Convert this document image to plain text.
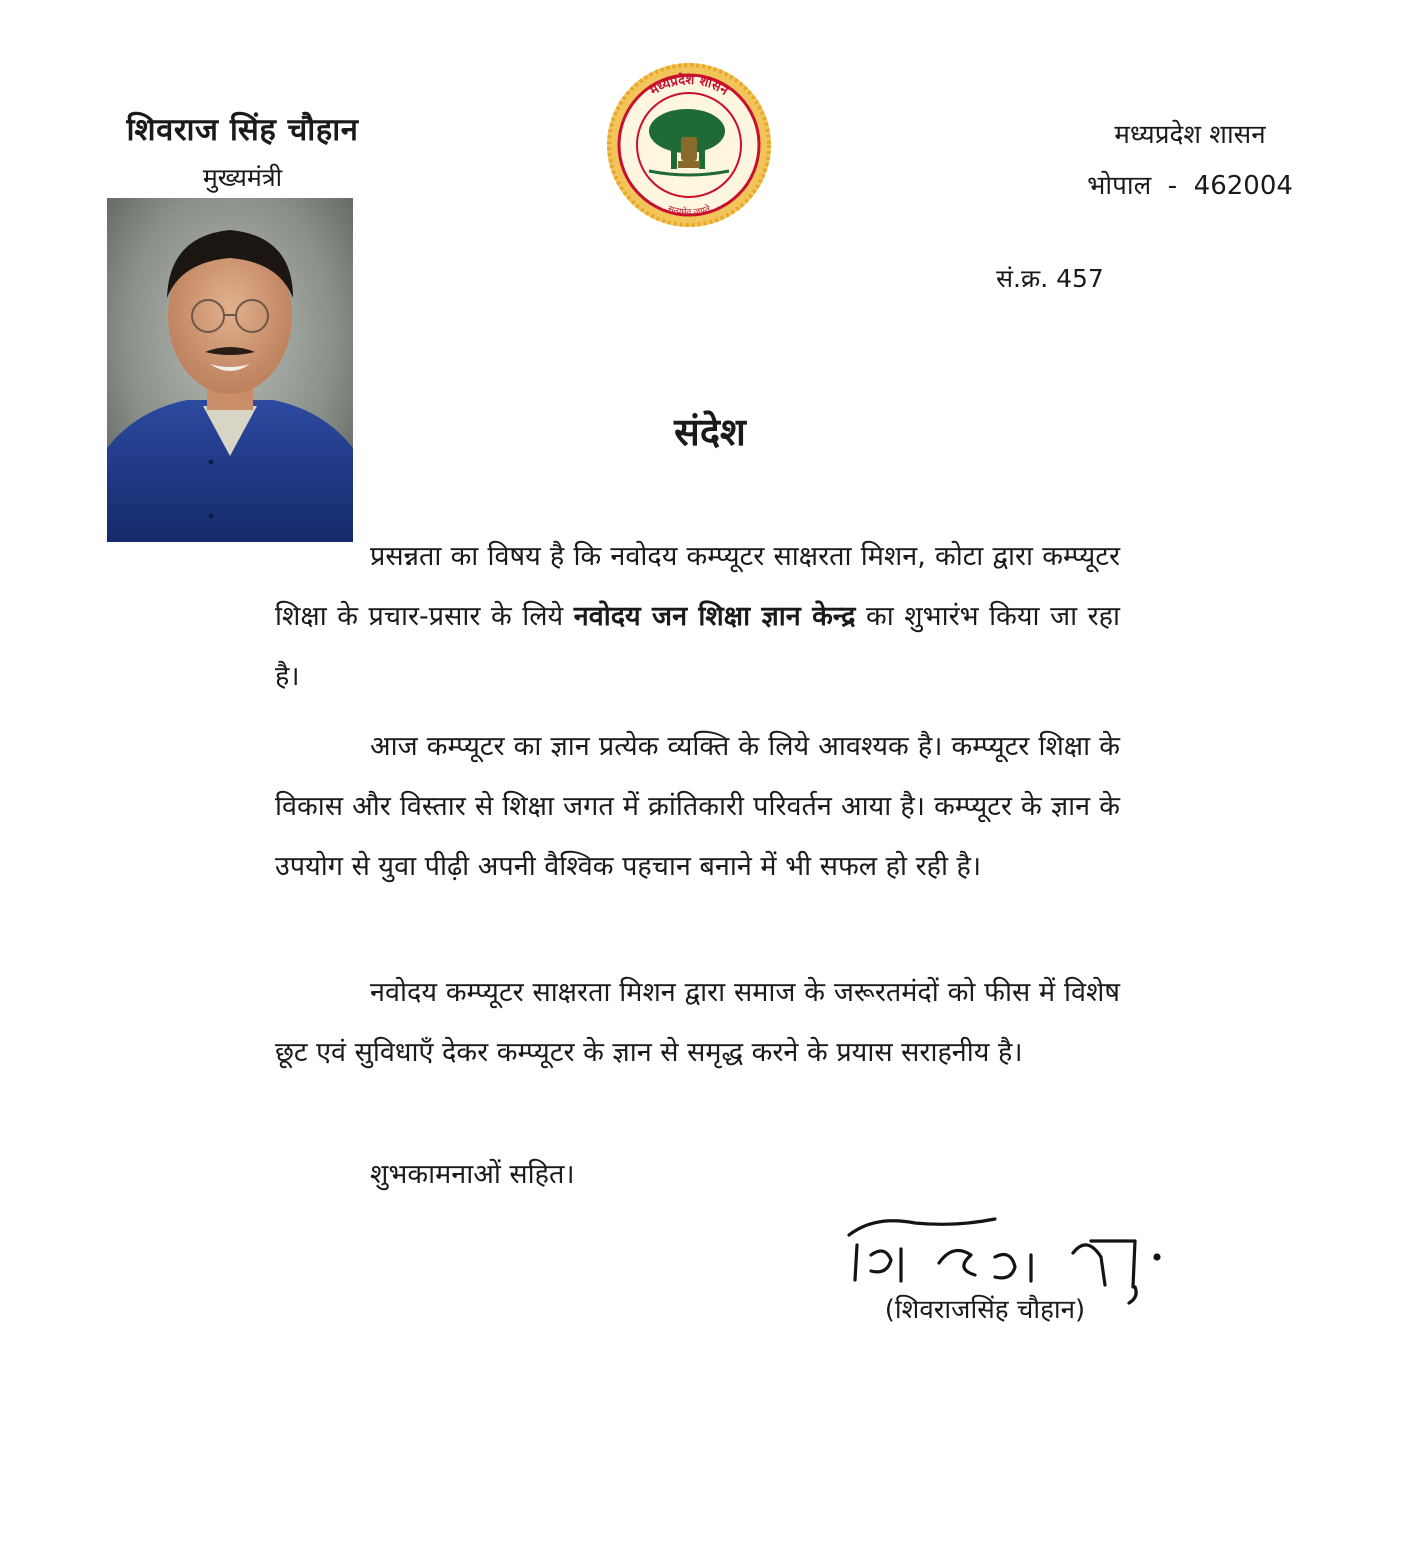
शिवराज सिंह चौहान
मुख्यमंत्री
मध्यप्रदेश शासन
सत्यमेव जयते
मध्यप्रदेश शासन
भोपाल  -  462004
सं.क्र. 457
संदेश

प्रसन्नता का विषय है कि नवोदय कम्प्यूटर साक्षरता मिशन, कोटा द्वारा कम्प्यूटर शिक्षा के प्रचार-प्रसार के लिये नवोदय जन शिक्षा ज्ञान केन्द्र का शुभारंभ किया जा रहा है।

आज कम्प्यूटर का ज्ञान प्रत्येक व्यक्ति के लिये आवश्यक है। कम्प्यूटर शिक्षा के विकास और विस्तार से शिक्षा जगत में क्रांतिकारी परिवर्तन आया है। कम्प्यूटर के ज्ञान के उपयोग से युवा पीढ़ी अपनी वैश्विक पहचान बनाने में भी सफल हो रही है।

नवोदय कम्प्यूटर साक्षरता मिशन द्वारा समाज के जरूरतमंदों को फीस में विशेष छूट एवं सुविधाएँ देकर कम्प्यूटर के ज्ञान से समृद्ध करने के प्रयास सराहनीय है।

शुभकामनाओं सहित।
(शिवराजसिंह चौहान)
